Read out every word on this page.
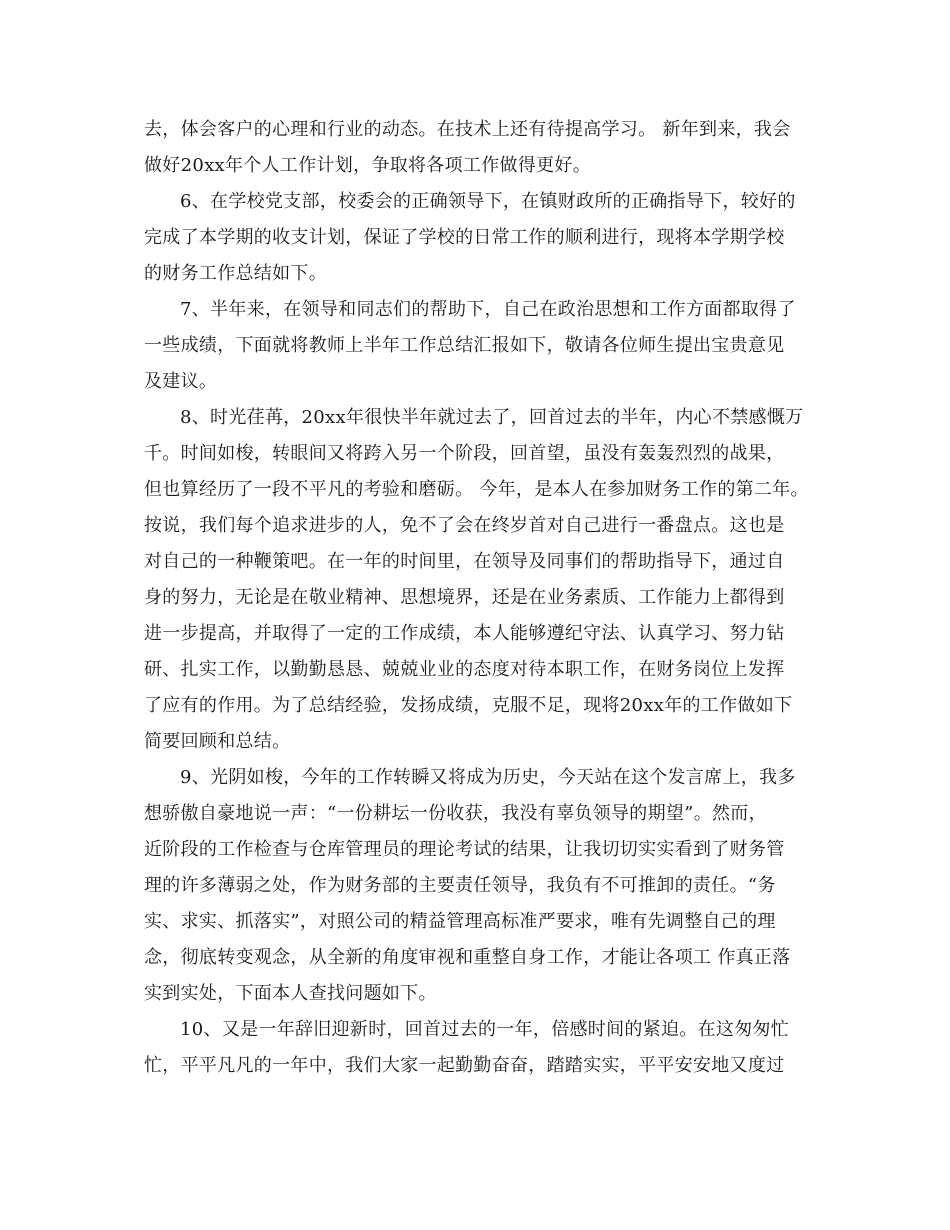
去，体会客户的心理和行业的动态。在技术上还有待提高学习。 新年到来，我会
做好20xx年个人工作计划，争取将各项工作做得更好。
6、在学校党支部，校委会的正确领导下，在镇财政所的正确指导下，较好的
完成了本学期的收支计划，保证了学校的日常工作的顺利进行，现将本学期学校
的财务工作总结如下。
7、半年来，在领导和同志们的帮助下，自己在政治思想和工作方面都取得了
一些成绩，下面就将教师上半年工作总结汇报如下，敬请各位师生提出宝贵意见
及建议。
8、时光荏苒，20xx年很快半年就过去了，回首过去的半年，内心不禁感慨万
千。时间如梭，转眼间又将跨入另一个阶段，回首望，虽没有轰轰烈烈的战果，
但也算经历了一段不平凡的考验和磨砺。 今年，是本人在参加财务工作的第二年。
按说，我们每个追求进步的人，免不了会在终岁首对自己进行一番盘点。这也是
对自己的一种鞭策吧。在一年的时间里，在领导及同事们的帮助指导下，通过自
身的努力，无论是在敬业精神、思想境界，还是在业务素质、工作能力上都得到
进一步提高，并取得了一定的工作成绩，本人能够遵纪守法、认真学习、努力钻
研、扎实工作，以勤勤恳恳、兢兢业业的态度对待本职工作，在财务岗位上发挥
了应有的作用。为了总结经验，发扬成绩，克服不足，现将20xx年的工作做如下
简要回顾和总结。
9、光阴如梭，今年的工作转瞬又将成为历史，今天站在这个发言席上，我多
想骄傲自豪地说一声：“一份耕坛一份收获，我没有辜负领导的期望”。然而，
近阶段的工作检查与仓库管理员的理论考试的结果，让我切切实实看到了财务管
理的许多薄弱之处，作为财务部的主要责任领导，我负有不可推卸的责任。“务
实、求实、抓落实”，对照公司的精益管理高标准严要求，唯有先调整自己的理
念，彻底转变观念，从全新的角度审视和重整自身工作，才能让各项工 作真正落
实到实处，下面本人查找问题如下。
10、又是一年辞旧迎新时，回首过去的一年，倍感时间的紧迫。在这匆匆忙
忙，平平凡凡的一年中，我们大家一起勤勤奋奋，踏踏实实，平平安安地又度过
